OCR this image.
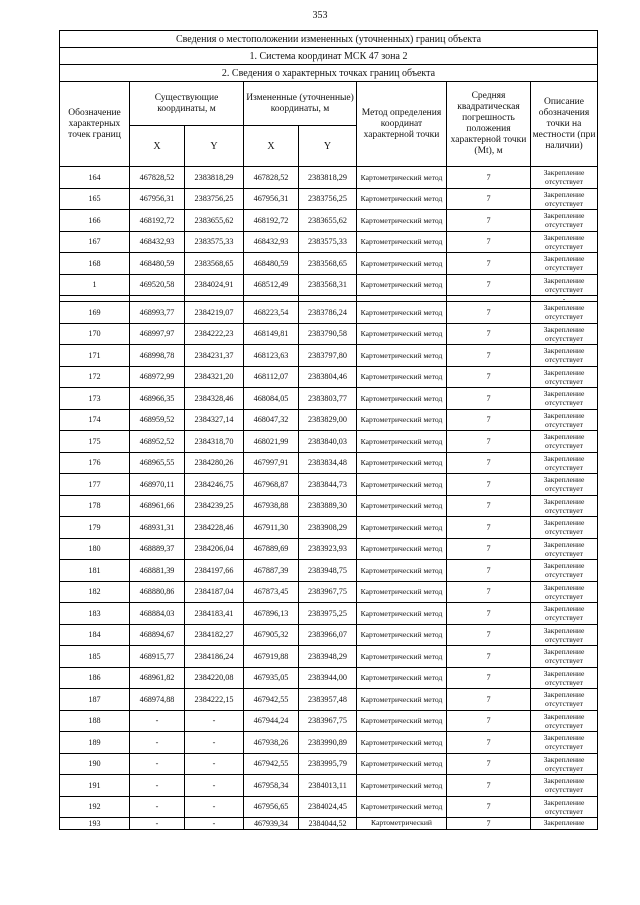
353
Сведения о местоположении измененных (уточненных) границ объекта							
1. Система координат МСК 47 зона 2							
2. Сведения о характерных точках границ объекта							
Обозначение характерных точек границ	Существующие координаты, м		Измененные (уточненные) координаты, м		Метод определения координат характерной точки	Средняя квадратическая погрешность положения характерной точки (Mt), м	Описание обозначения точки на местности (при наличии)
	X	Y	X	Y			
164	467828,52	2383818,29	467828,52	2383818,29	Картометрический метод	7	Закрепление отсутствует
165	467956,31	2383756,25	467956,31	2383756,25	Картометрический метод	7	Закрепление отсутствует
166	468192,72	2383655,62	468192,72	2383655,62	Картометрический метод	7	Закрепление отсутствует
167	468432,93	2383575,33	468432,93	2383575,33	Картометрический метод	7	Закрепление отсутствует
168	468480,59	2383568,65	468480,59	2383568,65	Картометрический метод	7	Закрепление отсутствует
1	469520,58	2384024,91	468512,49	2383568,31	Картометрический метод	7	Закрепление отсутствует
							-
169	468993,77	2384219,07	468223,54	2383786,24	Картометрический метод	7	Закрепление отсутствует
170	468997,97	2384222,23	468149,81	2383790,58	Картометрический метод	7	Закрепление отсутствует
171	468998,78	2384231,37	468123,63	2383797,80	Картометрический метод	7	Закрепление отсутствует
172	468972,99	2384321,20	468112,07	2383804,46	Картометрический метод	7	Закрепление отсутствует
173	468966,35	2384328,46	468084,05	2383803,77	Картометрический метод	7	Закрепление отсутствует
174	468959,52	2384327,14	468047,32	2383829,00	Картометрический метод	7	Закрепление отсутствует
175	468952,52	2384318,70	468021,99	2383840,03	Картометрический метод	7	Закрепление отсутствует
176	468965,55	2384280,26	467997,91	2383834,48	Картометрический метод	7	Закрепление отсутствует
177	468970,11	2384246,75	467968,87	2383844,73	Картометрический метод	7	Закрепление отсутствует
178	468961,66	2384239,25	467938,88	2383889,30	Картометрический метод	7	Закрепление отсутствует
179	468931,31	2384228,46	467911,30	2383908,29	Картометрический метод	7	Закрепление отсутствует
180	468889,37	2384206,04	467889,69	2383923,93	Картометрический метод	7	Закрепление отсутствует
181	468881,39	2384197,66	467887,39	2383948,75	Картометрический метод	7	Закрепление отсутствует
182	468880,86	2384187,04	467873,45	2383967,75	Картометрический метод	7	Закрепление отсутствует
183	468884,03	2384183,41	467896,13	2383975,25	Картометрический метод	7	Закрепление отсутствует
184	468894,67	2384182,27	467905,32	2383966,07	Картометрический метод	7	Закрепление отсутствует
185	468915,77	2384186,24	467919,88	2383948,29	Картометрический метод	7	Закрепление отсутствует
186	468961,82	2384220,08	467935,05	2383944,00	Картометрический метод	7	Закрепление отсутствует
187	468974,88	2384222,15	467942,55	2383957,48	Картометрический метод	7	Закрепление отсутствует
188	-	-	467944,24	2383967,75	Картометрический метод	7	Закрепление отсутствует
189	-	-	467938,26	2383990,89	Картометрический метод	7	Закрепление отсутствует
190	-	-	467942,55	2383995,79	Картометрический метод	7	Закрепление отсутствует
191	-	-	467958,34	2384013,11	Картометрический метод	7	Закрепление отсутствует
192	-	-	467956,65	2384024,45	Картометрический метод	7	Закрепление отсутствует
193	-	-	467939,34	2384044,52	Картометрический	7	Закрепление
